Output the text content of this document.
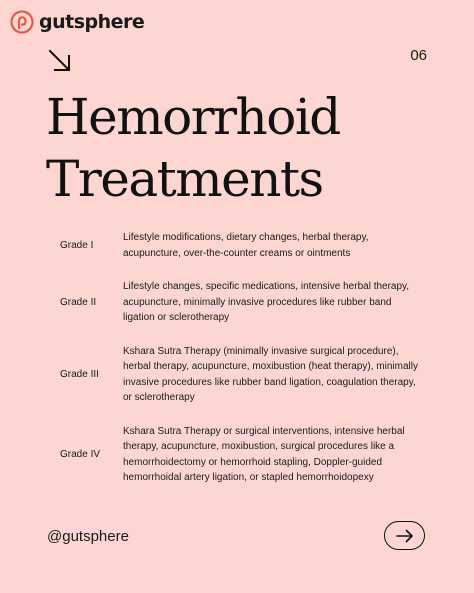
gutsphere
06
Hemorrhoid
Treatments
Grade I
Lifestyle modifications, dietary changes, herbal therapy, acupuncture, over-the-counter creams or ointments
Grade II
Lifestyle changes, specific medications, intensive herbal therapy, acupuncture, minimally invasive procedures like rubber band ligation or sclerotherapy
Grade III
Kshara Sutra Therapy (minimally invasive surgical procedure), herbal therapy, acupuncture, moxibustion (heat therapy), minimally invasive procedures like rubber band ligation, coagulation therapy, or sclerotherapy
Grade IV
Kshara Sutra Therapy or surgical interventions, intensive herbal therapy, acupuncture, moxibustion, surgical procedures like a hemorrhoidectomy or hemorrhoid stapling, Doppler-guided hemorrhoidal artery ligation, or stapled hemorrhoidopexy
@gutsphere
